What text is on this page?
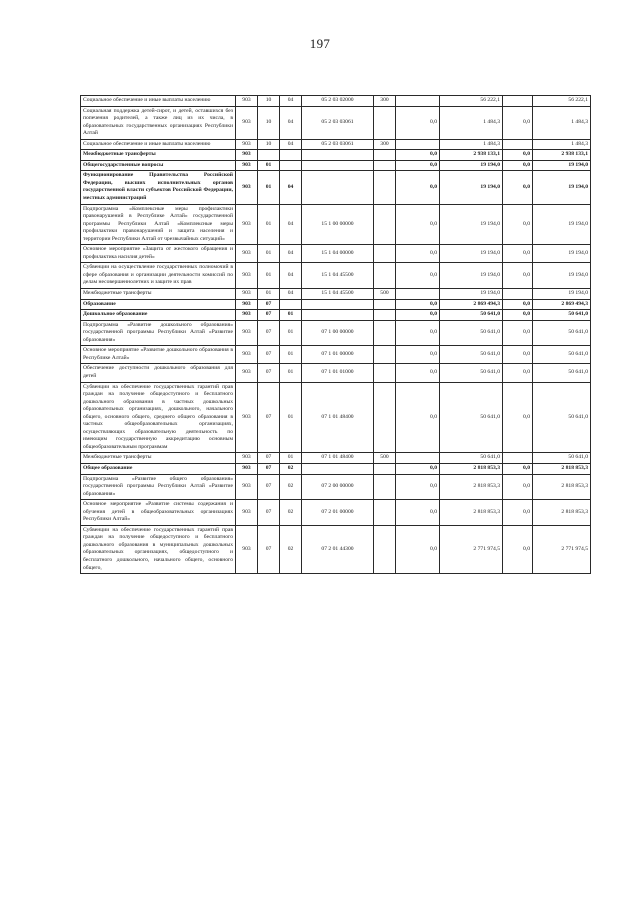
197
Социальное обеспечение и иные выплаты населению	903	10	04	05 2 03 02000	300		56 222,1		56 222,1
Социальная поддержка детей-сирот, и детей, оставшихся без попечения родителей, а также лиц из их числа, в образовательных государственных организациях Республики Алтай	903	10	04	05 2 03 03061		0,0	1 484,3	0,0	1 484,3
Социальное обеспечение и иные выплаты населению	903	10	04	05 2 03 03061	300		1 484,3		1 484,3
Межбюджетные трансферты	903					0,0	2 938 133,1	0,0	2 938 133,1
Общегосударственные вопросы	903	01				0,0	19 194,0	0,0	19 194,0
Функционирование Правительства Российской Федерации, высших исполнительных органов государственной власти субъектов Российской Федерации, местных администраций	903	01	04			0,0	19 194,0	0,0	19 194,0
Подпрограмма «Комплексные меры профилактики правонарушений в Республике Алтай» государственной программы Республики Алтай «Комплексные меры профилактики правонарушений и защита населения и территории Республики Алтай от чрезвычайных ситуаций»	903	01	04	15 1 00 00000		0,0	19 194,0	0,0	19 194,0
Основное мероприятие «Защита от жестокого обращения и профилактика насилия детей»	903	01	04	15 1 04 00000		0,0	19 194,0	0,0	19 194,0
Субвенции на осуществление государственных полномочий в сфере образования и организации деятельности комиссий по делам несовершеннолетних и защите их прав	903	01	04	15 1 04 45500		0,0	19 194,0	0,0	19 194,0
Межбюджетные трансферты	903	01	04	15 1 04 45500	500		19 194,0		19 194,0
Образование	903	07				0,0	2 869 494,3	0,0	2 869 494,3
Дошкольное образование	903	07	01			0,0	50 641,0	0,0	50 641,0
Подпрограмма «Развитие дошкольного образования» государственной программы Республики Алтай «Развитие образования»	903	07	01	07 1 00 00000		0,0	50 641,0	0,0	50 641,0
Основное мероприятие «Развитие дошкольного образования в Республике Алтай»	903	07	01	07 1 01 00000		0,0	50 641,0	0,0	50 641,0
Обеспечение доступности дошкольного образования для детей	903	07	01	07 1 01 01000		0,0	50 641,0	0,0	50 641,0
Субвенции на обеспечение государственных гарантий прав граждан на получение общедоступного и бесплатного дошкольного образования в частных дошкольных образовательных организациях, дошкольного, начального общего, основного общего, среднего общего образования в частных общеобразовательных организациях, осуществляющих образовательную деятельность по имеющим государственную аккредитацию основным общеобразовательным программам	903	07	01	07 1 01 48400		0,0	50 641,0	0,0	50 641,0
Межбюджетные трансферты	903	07	01	07 1 01 48400	500		50 641,0		50 641,0
Общее образование	903	07	02			0,0	2 818 853,3	0,0	2 818 853,3
Подпрограмма «Развитие общего образования» государственной программы Республики Алтай «Развитие образования»	903	07	02	07 2 00 00000		0,0	2 818 853,3	0,0	2 818 853,3
Основное мероприятие «Развитие системы содержания и обучения детей в общеобразовательных организациях Республики Алтай»	903	07	02	07 2 01 00000		0,0	2 818 853,3	0,0	2 818 853,3
Субвенции на обеспечение государственных гарантий прав граждан на получение общедоступного и бесплатного дошкольного образования в муниципальных дошкольных образовательных организациях, общедоступного и бесплатного дошкольного, начального общего, основного общего,	903	07	02	07 2 01 44300		0,0	2 771 974,5	0,0	2 771 974,5
